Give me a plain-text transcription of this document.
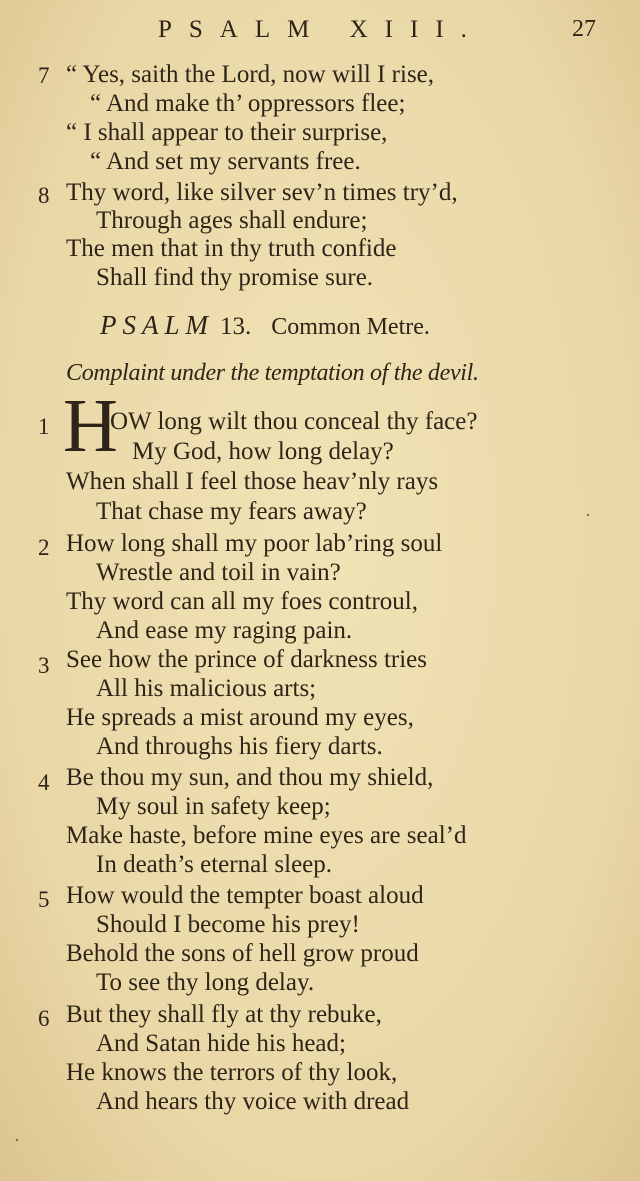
PSALM XIII.	27
7 “ Yes, saith the Lord, now will I rise,
“ And make th’ oppressors flee;
“ I shall appear to their surprise,
“ And set my servants free.
8 Thy word, like silver sev’n times try’d,
Through ages shall endure;
The men that in thy truth confide
Shall find thy promise sure.
PSALM 13. Common Metre.
Complaint under the temptation of the devil.
1 H
OW long wilt thou conceal thy face?
My God, how long delay?
When shall I feel those heav’nly rays
That chase my fears away?
2 How long shall my poor lab’ring soul
Wrestle and toil in vain?
Thy word can all my foes controul,
And ease my raging pain.
3 See how the prince of darkness tries
All his malicious arts;
He spreads a mist around my eyes,
And throughs his fiery darts.
4 Be thou my sun, and thou my shield,
My soul in safety keep;
Make haste, before mine eyes are seal’d
In death’s eternal sleep.
5 How would the tempter boast aloud
Should I become his prey!
Behold the sons of hell grow proud
To see thy long delay.
6 But they shall fly at thy rebuke,
And Satan hide his head;
He knows the terrors of thy look,
And hears thy voice with dread
·
·
